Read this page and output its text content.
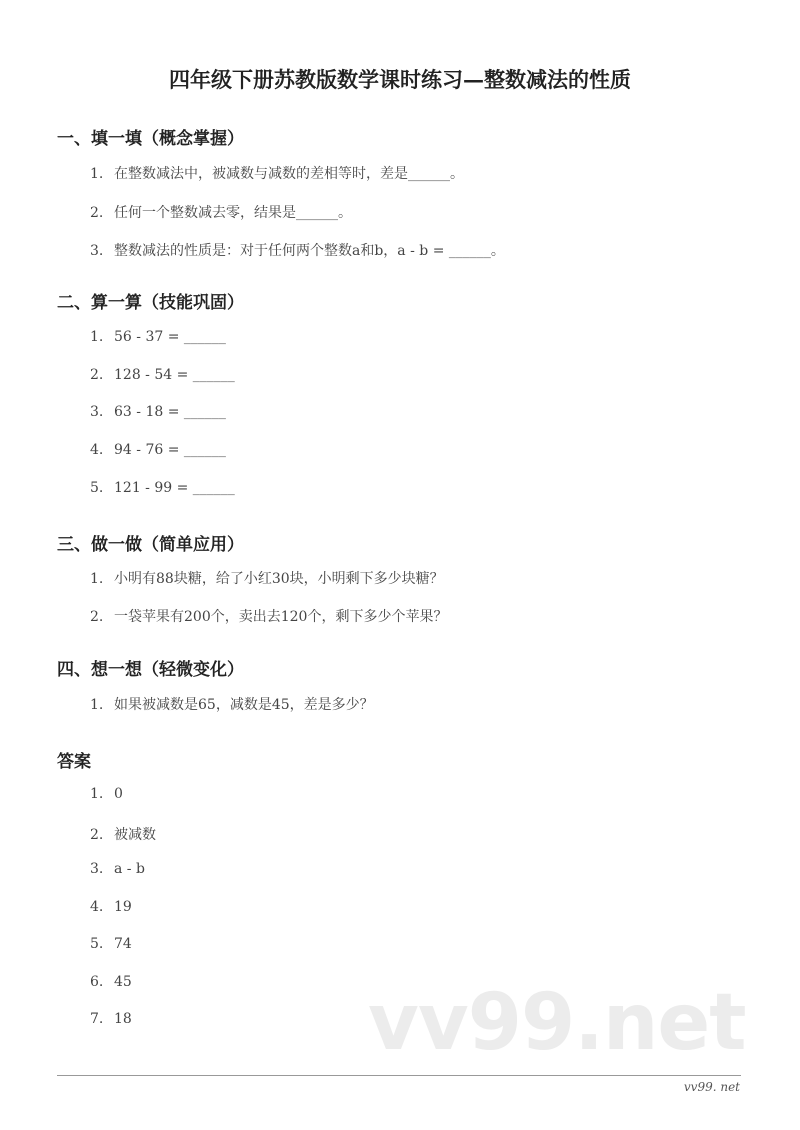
四年级下册苏教版数学课时练习—整数减法的性质
一、填一填（概念掌握）
1. 在整数减法中，被减数与减数的差相等时，差是______。
2. 任何一个整数减去零，结果是______。
3. 整数减法的性质是：对于任何两个整数a和b，a - b = ______。
二、算一算（技能巩固）
1. 56 - 37 = ______
2. 128 - 54 = ______
3. 63 - 18 = ______
4. 94 - 76 = ______
5. 121 - 99 = ______
三、做一做（简单应用）
1. 小明有88块糖，给了小红30块，小明剩下多少块糖？
2. 一袋苹果有200个，卖出去120个，剩下多少个苹果？
四、想一想（轻微变化）
1. 如果被减数是65，减数是45，差是多少？
答案
1. 0
2. 被减数
3. a - b
4. 19
5. 74
6. 45
7. 18	vv99.net
vv99. net
